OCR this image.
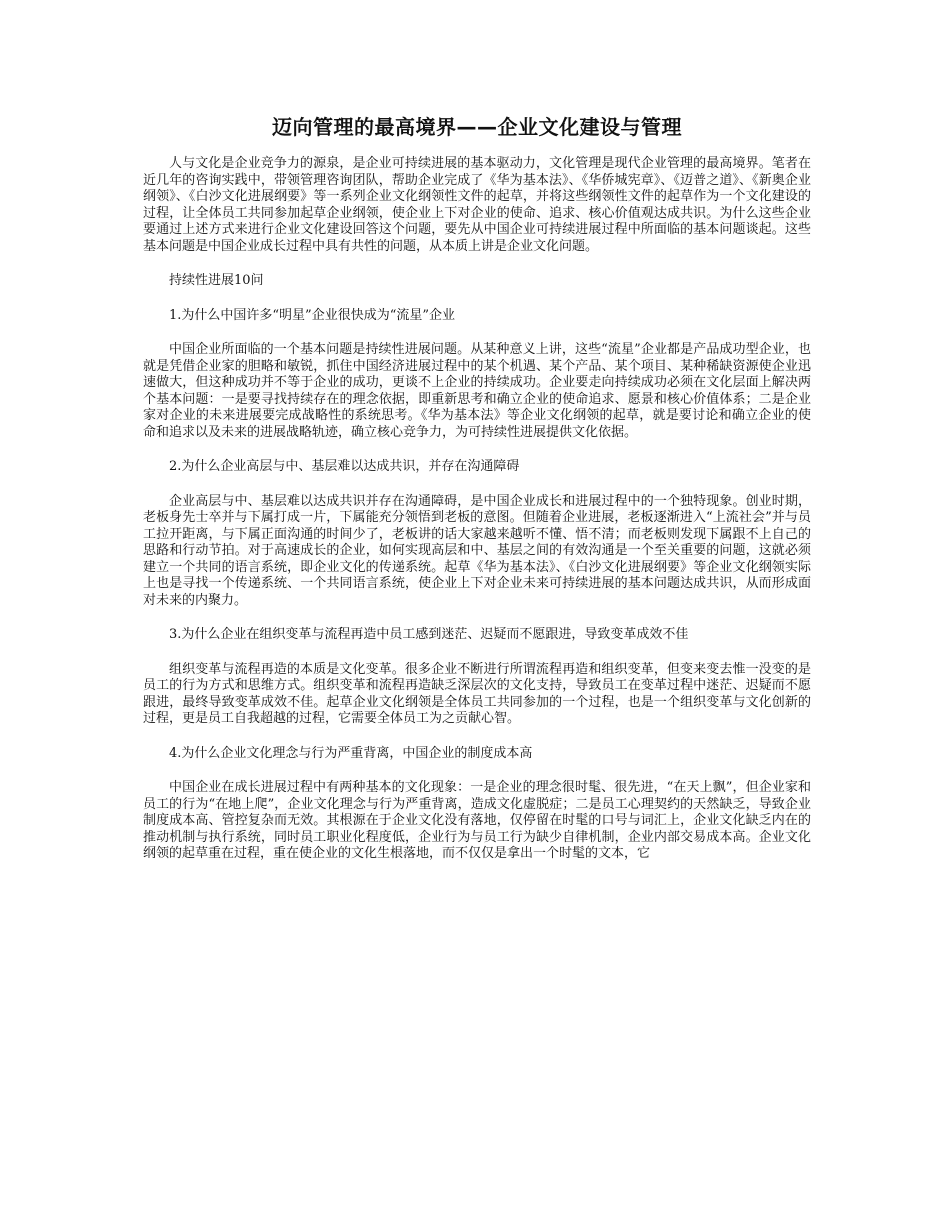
迈向管理的最高境界——企业文化建设与管理

人与文化是企业竞争力的源泉，是企业可持续进展的基本驱动力，文化管理是现代企业管理的最高境界。笔者在近几年的咨询实践中，带领管理咨询团队，帮助企业完成了《华为基本法》、《华侨城宪章》、《迈普之道》、《新奥企业纲领》、《白沙文化进展纲要》等一系列企业文化纲领性文件的起草，并将这些纲领性文件的起草作为一个文化建设的过程，让全体员工共同参加起草企业纲领，使企业上下对企业的使命、追求、核心价值观达成共识。为什么这些企业要通过上述方式来进行企业文化建设回答这个问题，要先从中国企业可持续进展过程中所面临的基本问题谈起。这些基本问题是中国企业成长过程中具有共性的问题，从本质上讲是企业文化问题。

持续性进展10问

1.为什么中国许多“明星”企业很快成为“流星”企业

中国企业所面临的一个基本问题是持续性进展问题。从某种意义上讲，这些“流星”企业都是产品成功型企业，也就是凭借企业家的胆略和敏锐，抓住中国经济进展过程中的某个机遇、某个产品、某个项目、某种稀缺资源使企业迅速做大，但这种成功并不等于企业的成功，更谈不上企业的持续成功。企业要走向持续成功必须在文化层面上解决两个基本问题：一是要寻找持续存在的理念依据，即重新思考和确立企业的使命追求、愿景和核心价值体系；二是企业家对企业的未来进展要完成战略性的系统思考。《华为基本法》等企业文化纲领的起草，就是要讨论和确立企业的使命和追求以及未来的进展战略轨迹，确立核心竞争力，为可持续性进展提供文化依据。

2.为什么企业高层与中、基层难以达成共识，并存在沟通障碍

企业高层与中、基层难以达成共识并存在沟通障碍，是中国企业成长和进展过程中的一个独特现象。创业时期，老板身先士卒并与下属打成一片，下属能充分领悟到老板的意图。但随着企业进展，老板逐渐进入“上流社会”并与员工拉开距离，与下属正面沟通的时间少了，老板讲的话大家越来越听不懂、悟不清；而老板则发现下属跟不上自己的思路和行动节拍。对于高速成长的企业，如何实现高层和中、基层之间的有效沟通是一个至关重要的问题，这就必须建立一个共同的语言系统，即企业文化的传递系统。起草《华为基本法》、《白沙文化进展纲要》等企业文化纲领实际上也是寻找一个传递系统、一个共同语言系统，使企业上下对企业未来可持续进展的基本问题达成共识，从而形成面对未来的内聚力。

3.为什么企业在组织变革与流程再造中员工感到迷茫、迟疑而不愿跟进，导致变革成效不佳

组织变革与流程再造的本质是文化变革。很多企业不断进行所谓流程再造和组织变革，但变来变去惟一没变的是员工的行为方式和思维方式。组织变革和流程再造缺乏深层次的文化支持，导致员工在变革过程中迷茫、迟疑而不愿跟进，最终导致变革成效不佳。起草企业文化纲领是全体员工共同参加的一个过程，也是一个组织变革与文化创新的过程，更是员工自我超越的过程，它需要全体员工为之贡献心智。

4.为什么企业文化理念与行为严重背离，中国企业的制度成本高

中国企业在成长进展过程中有两种基本的文化现象：一是企业的理念很时髦、很先进，“在天上飘”，但企业家和员工的行为“在地上爬”，企业文化理念与行为严重背离，造成文化虚脱症；二是员工心理契约的天然缺乏，导致企业制度成本高、管控复杂而无效。其根源在于企业文化没有落地，仅停留在时髦的口号与词汇上，企业文化缺乏内在的推动机制与执行系统，同时员工职业化程度低，企业行为与员工行为缺少自律机制，企业内部交易成本高。企业文化纲领的起草重在过程，重在使企业的文化生根落地，而不仅仅是拿出一个时髦的文本，它
